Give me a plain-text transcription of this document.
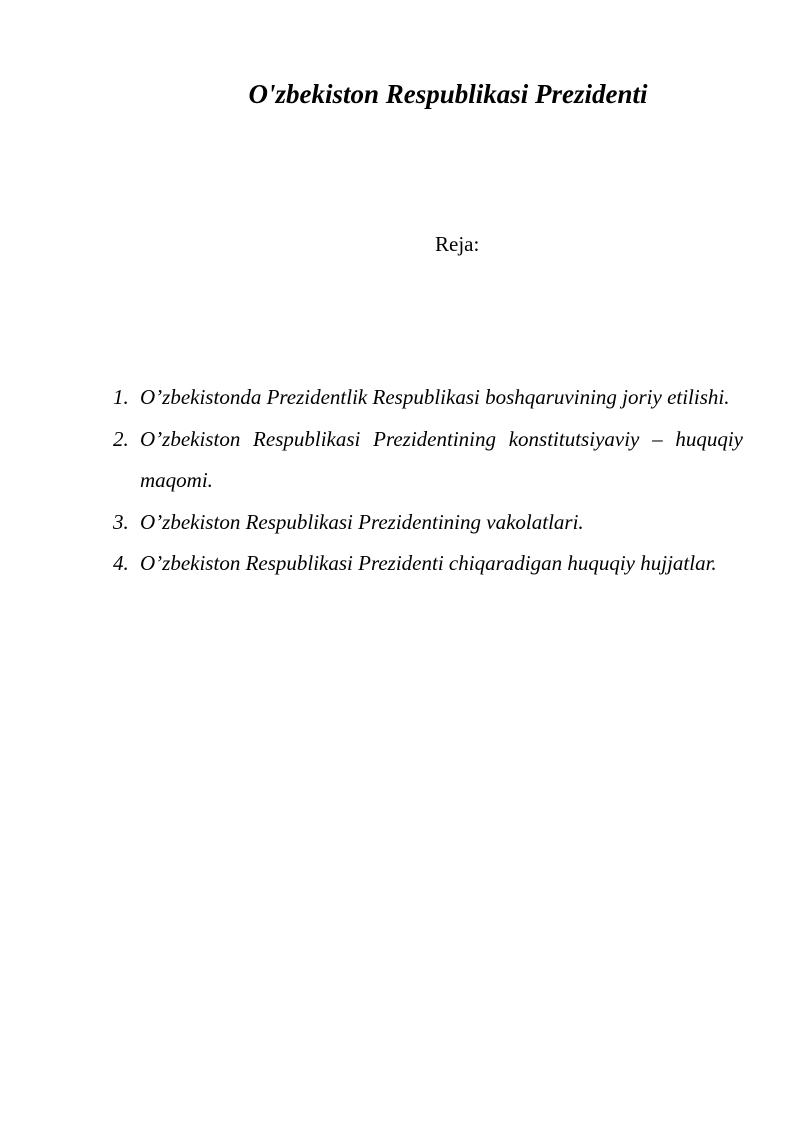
O'zbekiston Respublikasi Prezidenti

Reja:

1. O’zbekistonda Prezidentlik Respublikasi boshqaruvining joriy etilishi.
2. O’zbekiston Respublikasi Prezidentining konstitutsiyaviy – huquqiy maqomi.
3. O’zbekiston Respublikasi Prezidentining vakolatlari.
4. O’zbekiston Respublikasi Prezidenti chiqaradigan huquqiy hujjatlar.
